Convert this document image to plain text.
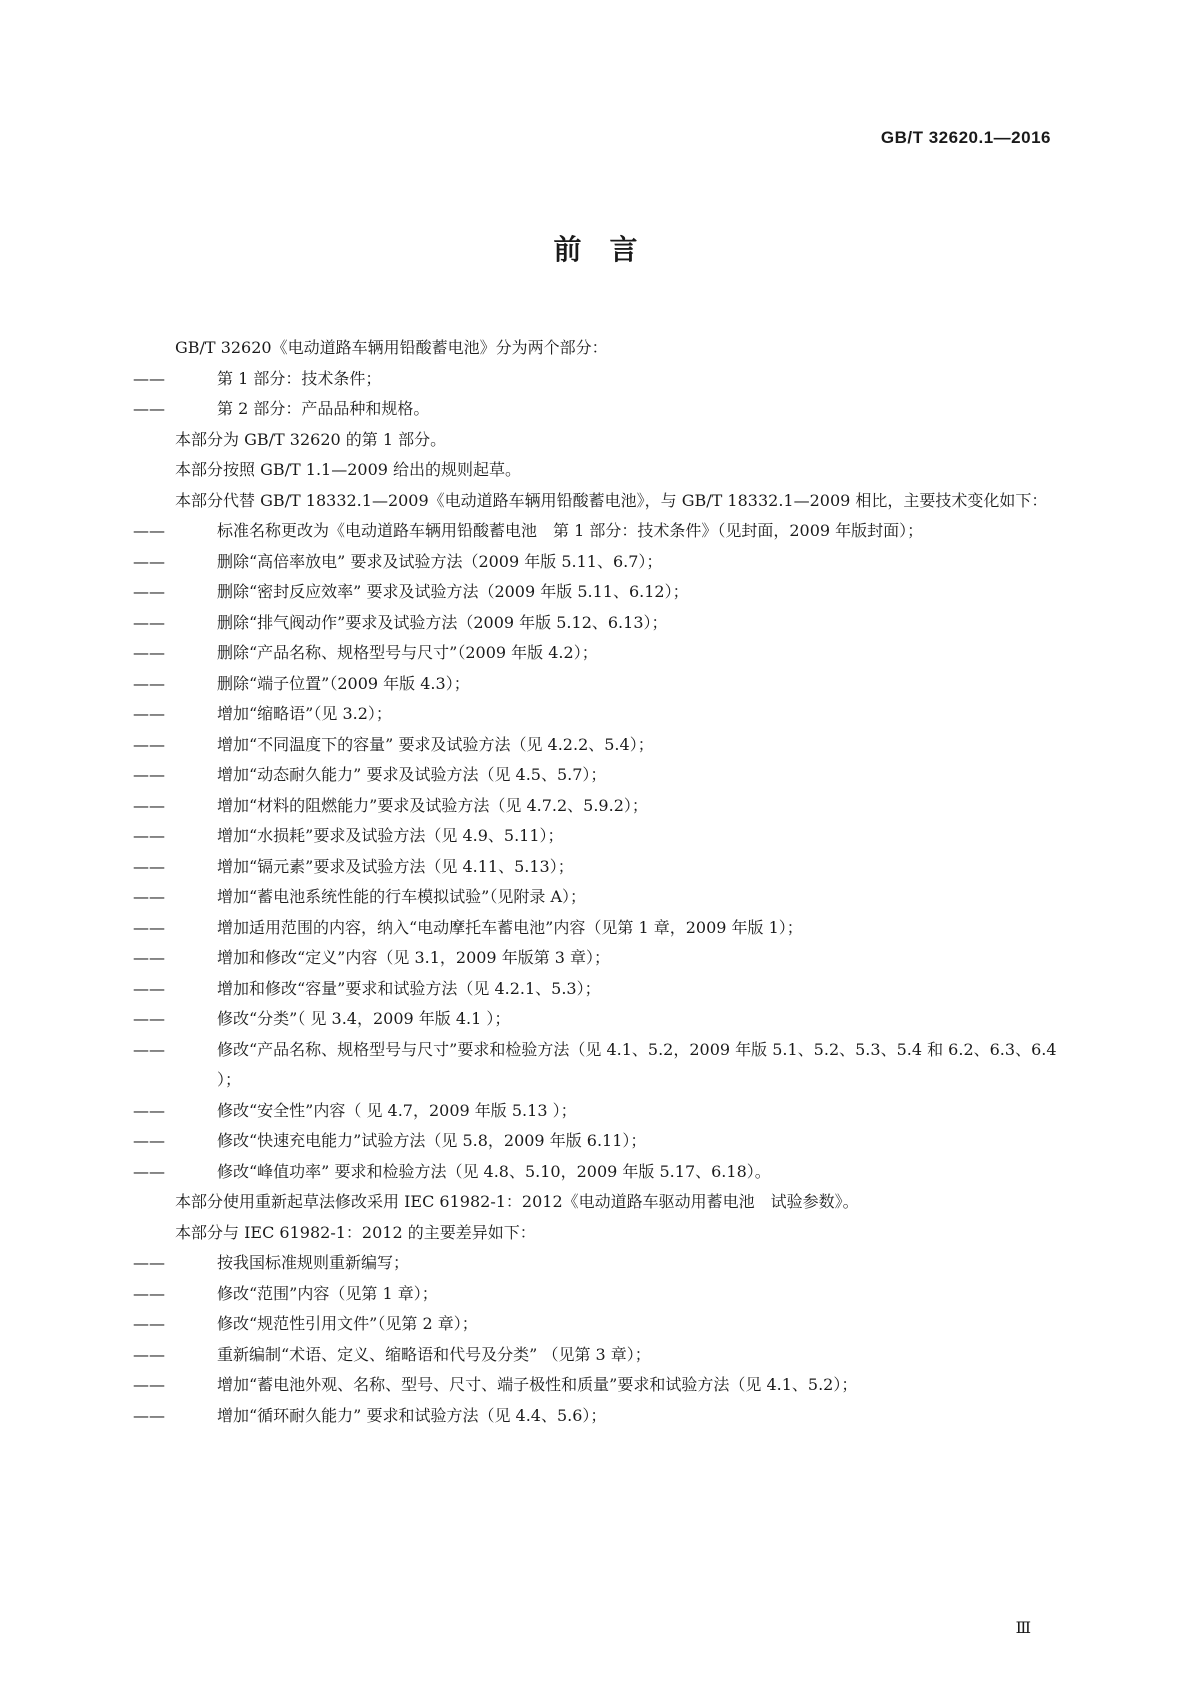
GB/T 32620.1—2016
前　言
GB/T 32620《电动道路车辆用铅酸蓄电池》分为两个部分：
——	第 1 部分：技术条件；
——	第 2 部分：产品品种和规格。
本部分为 GB/T 32620 的第 1 部分。
本部分按照 GB/T 1.1—2009 给出的规则起草。
本部分代替 GB/T 18332.1—2009《电动道路车辆用铅酸蓄电池》，与 GB/T 18332.1—2009 相比，主要技术变化如下：
——	标准名称更改为《电动道路车辆用铅酸蓄电池　第 1 部分：技术条件》（见封面，2009 年版封面）；
——	删除“高倍率放电” 要求及试验方法（2009 年版 5.11、6.7）；
——	删除“密封反应效率” 要求及试验方法（2009 年版 5.11、6.12）；
——	删除“排气阀动作”要求及试验方法（2009 年版 5.12、6.13）；
——	删除“产品名称、规格型号与尺寸”（2009 年版 4.2）；
——	删除“端子位置”（2009 年版 4.3）；
——	增加“缩略语”（见 3.2）；
——	增加“不同温度下的容量” 要求及试验方法（见 4.2.2、5.4）；
——	增加“动态耐久能力” 要求及试验方法（见 4.5、5.7）；
——	增加“材料的阻燃能力”要求及试验方法（见 4.7.2、5.9.2）；
——	增加“水损耗”要求及试验方法（见 4.9、5.11）；
——	增加“镉元素”要求及试验方法（见 4.11、5.13）；
——	增加“蓄电池系统性能的行车模拟试验”（见附录 A）；
——	增加适用范围的内容，纳入“电动摩托车蓄电池”内容（见第 1 章，2009 年版 1）；
——	增加和修改“定义”内容（见 3.1，2009 年版第 3 章）；
——	增加和修改“容量”要求和试验方法（见 4.2.1、5.3）；
——	修改“分类”（ 见 3.4，2009 年版 4.1 ）；
——	修改“产品名称、规格型号与尺寸”要求和检验方法（见 4.1、5.2，2009 年版 5.1、5.2、5.3、5.4 和 6.2、6.3、6.4 ）；
——	修改“安全性”内容（ 见 4.7，2009 年版 5.13 ）；
——	修改“快速充电能力”试验方法（见 5.8，2009 年版 6.11）；
——	修改“峰值功率” 要求和检验方法（见 4.8、5.10，2009 年版 5.17、6.18）。
本部分使用重新起草法修改采用 IEC 61982-1：2012《电动道路车驱动用蓄电池　试验参数》。
本部分与 IEC 61982-1：2012 的主要差异如下：
——	按我国标准规则重新编写；
——	修改“范围”内容（见第 1 章）；
——	修改“规范性引用文件”（见第 2 章）；
——	重新编制“术语、定义、缩略语和代号及分类” （见第 3 章）；
——	增加“蓄电池外观、名称、型号、尺寸、端子极性和质量”要求和试验方法（见 4.1、5.2）；
——	增加“循环耐久能力” 要求和试验方法（见 4.4、5.6）；
Ⅲ
